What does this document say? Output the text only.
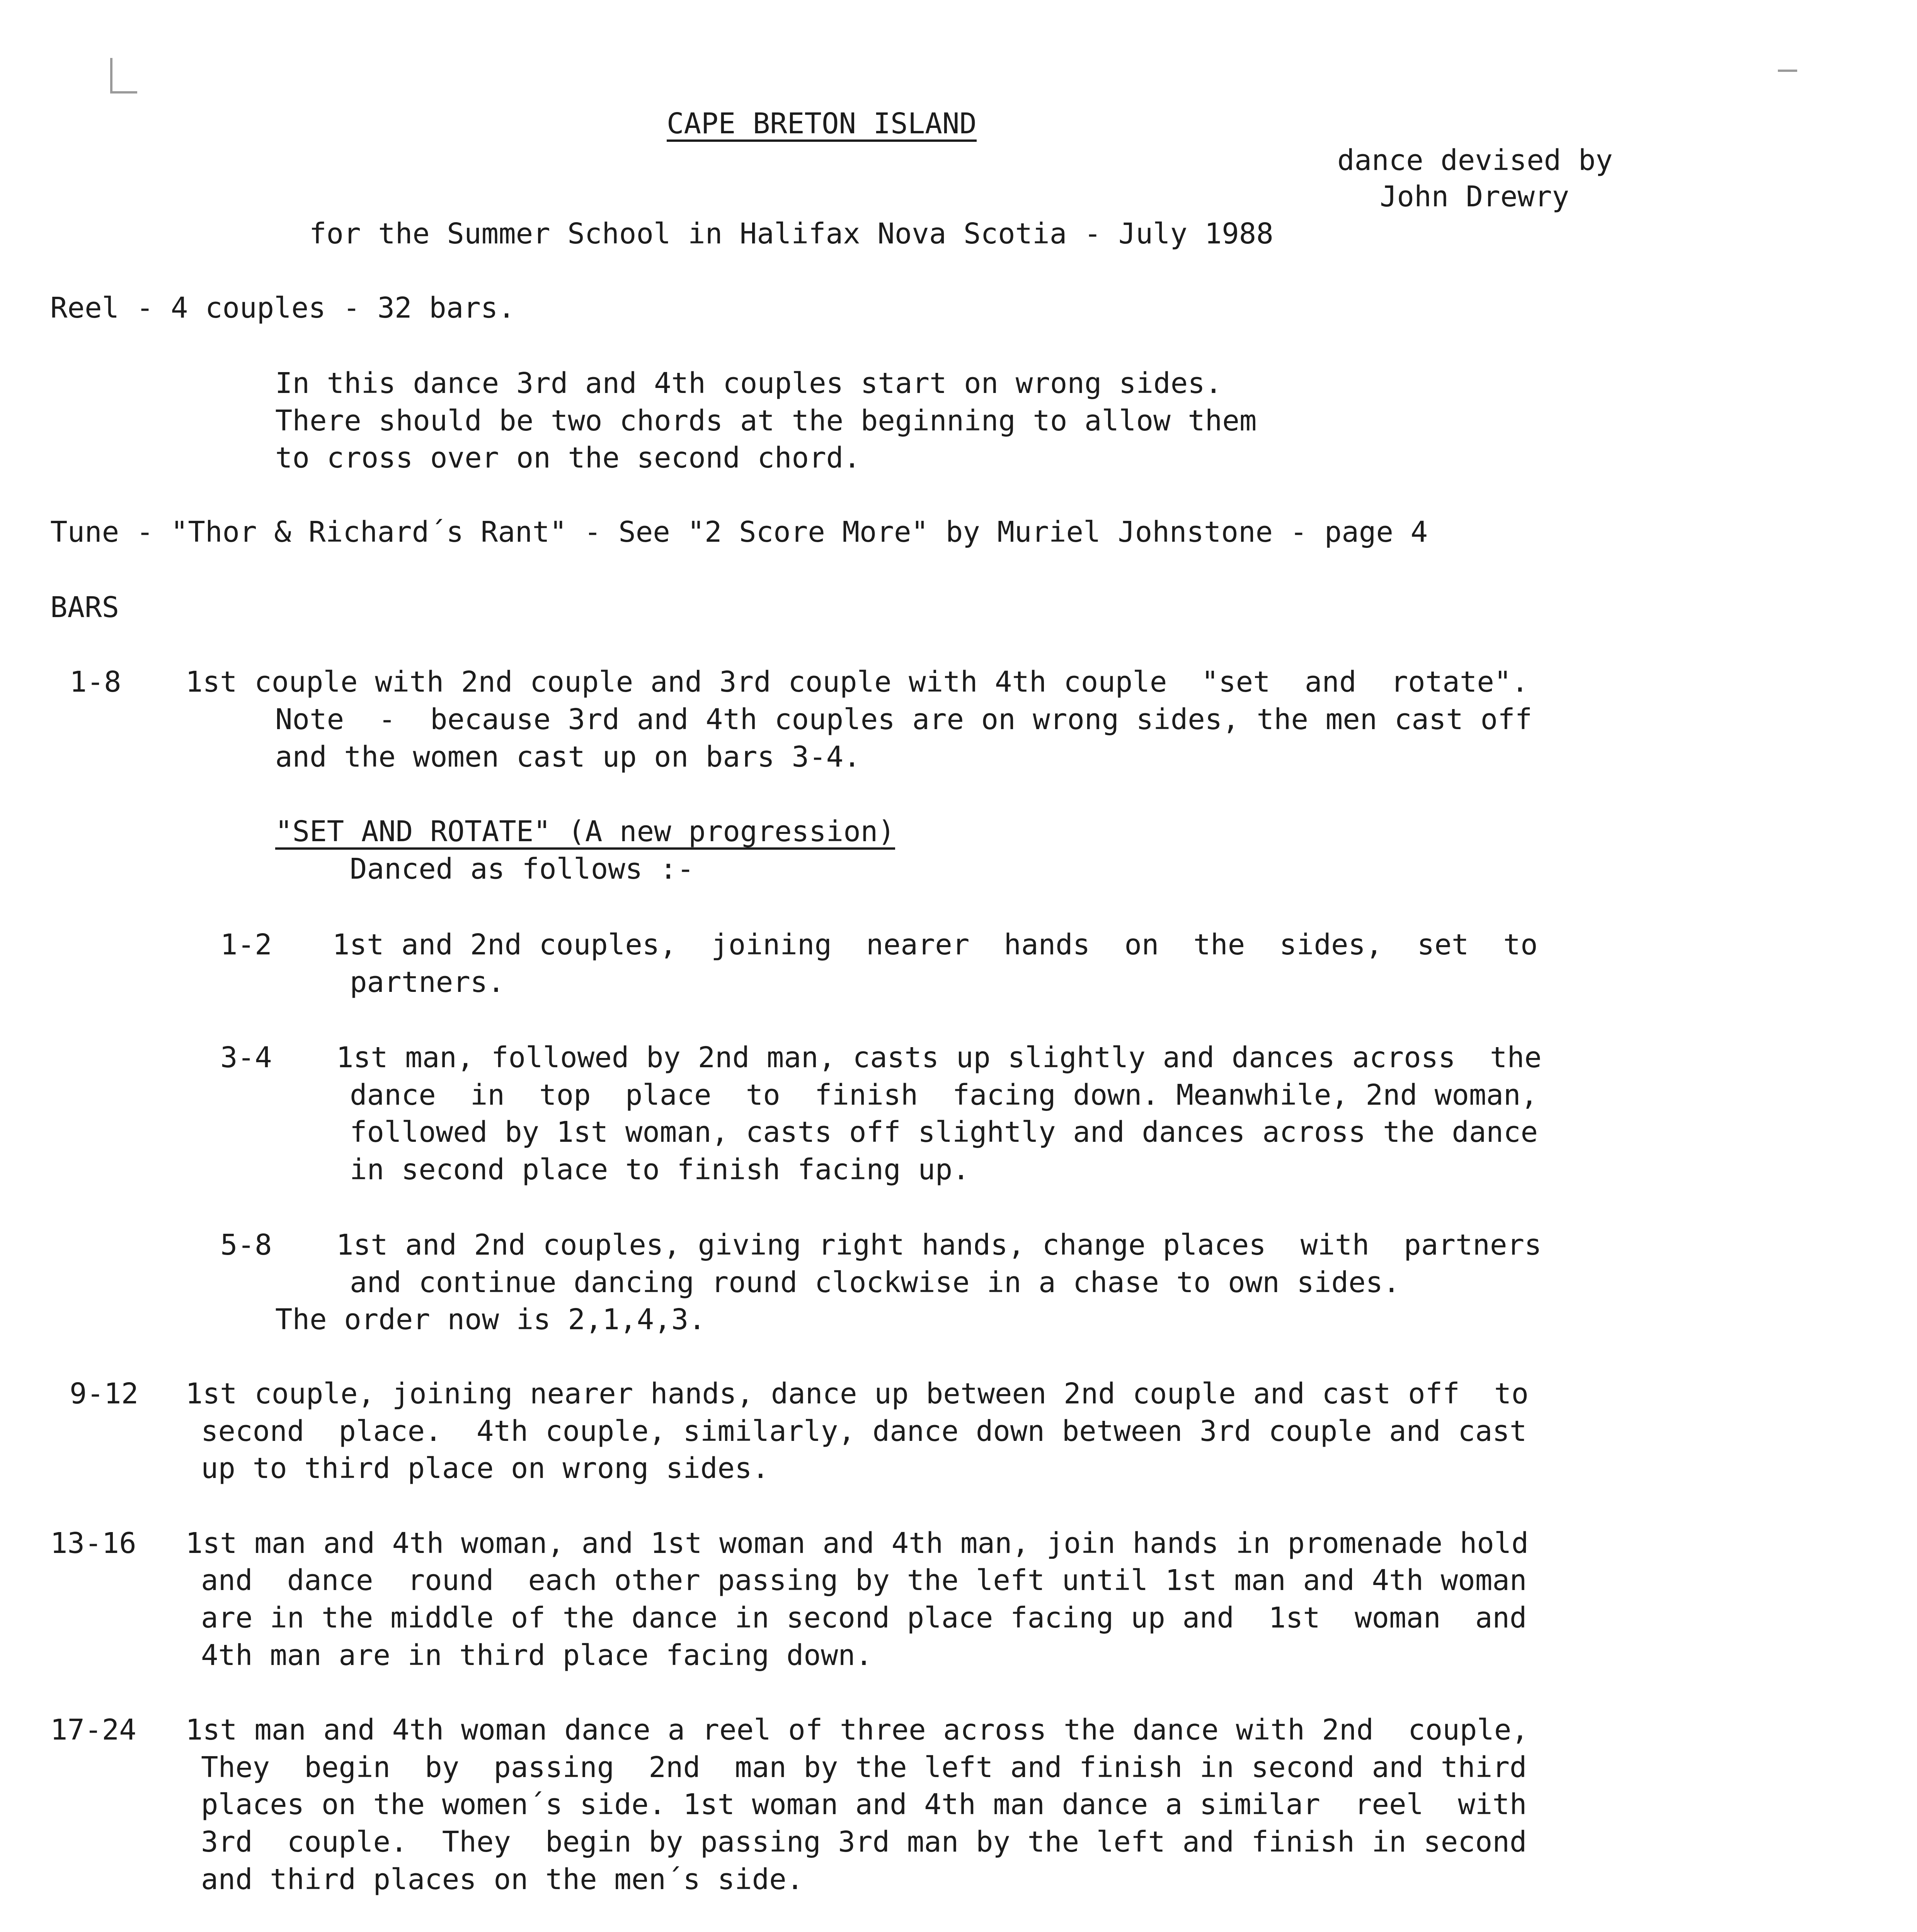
CAPE BRETON ISLAND
dance devised by
John Drewry
for the Summer School in Halifax Nova Scotia - July 1988
Reel - 4 couples - 32 bars.
In this dance 3rd and 4th couples start on wrong sides.
There should be two chords at the beginning to allow them
to cross over on the second chord.
Tune - "Thor & Richard´s Rant" - See "2 Score More" by Muriel Johnstone - page 4
BARS
1-8 1st couple with 2nd couple and 3rd couple with 4th couple  "set  and  rotate".
Note  -  because 3rd and 4th couples are on wrong sides, the men cast off
and the women cast up on bars 3-4.
"SET AND ROTATE" (A new progression)
Danced as follows :-
1-2 1st and 2nd couples,  joining  nearer  hands  on  the  sides,  set  to
partners.
3-4 1st man, followed by 2nd man, casts up slightly and dances across  the
dance  in  top  place  to  finish  facing down. Meanwhile, 2nd woman,
followed by 1st woman, casts off slightly and dances across the dance
in second place to finish facing up.
5-8 1st and 2nd couples, giving right hands, change places  with  partners
and continue dancing round clockwise in a chase to own sides.
The order now is 2,1,4,3.
9-12 1st couple, joining nearer hands, dance up between 2nd couple and cast off  to
second  place.  4th couple, similarly, dance down between 3rd couple and cast
up to third place on wrong sides.
13-16 1st man and 4th woman, and 1st woman and 4th man, join hands in promenade hold
and  dance  round  each other passing by the left until 1st man and 4th woman
are in the middle of the dance in second place facing up and  1st  woman  and
4th man are in third place facing down.
17-24 1st man and 4th woman dance a reel of three across the dance with 2nd  couple,
They  begin  by  passing  2nd  man by the left and finish in second and third
places on the women´s side. 1st woman and 4th man dance a similar  reel  with
3rd  couple.  They  begin by passing 3rd man by the left and finish in second
and third places on the men´s side.
